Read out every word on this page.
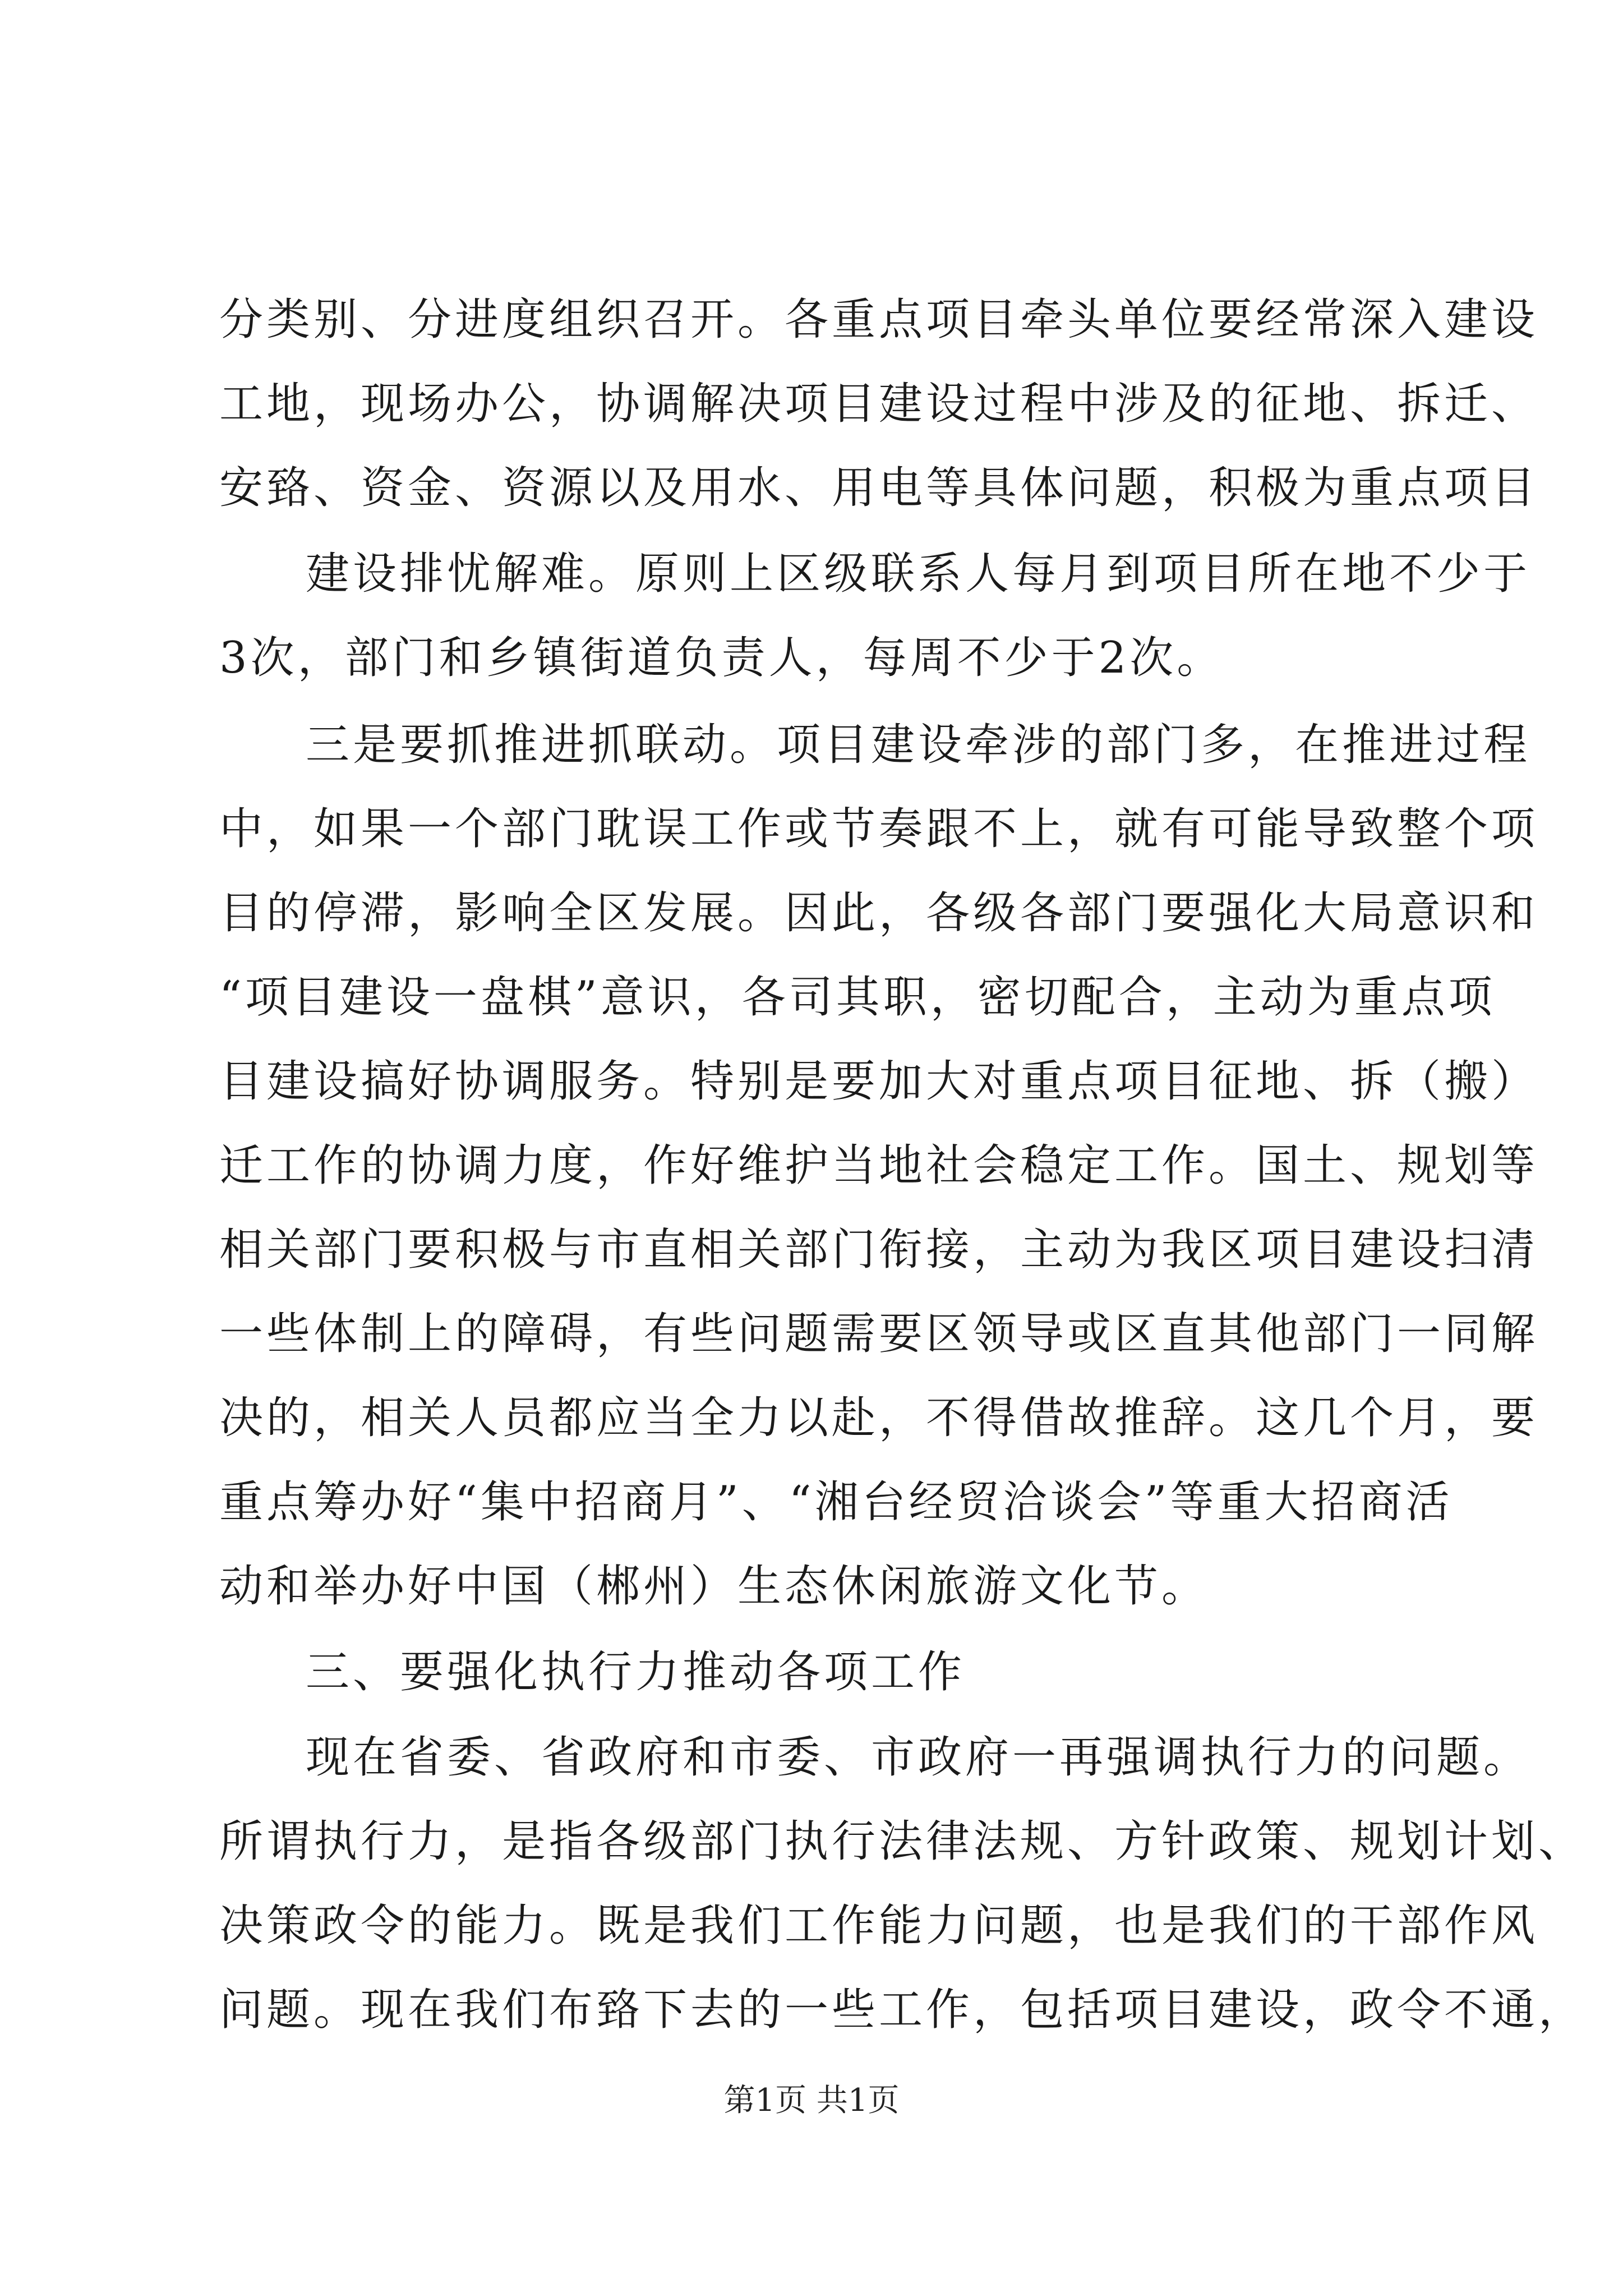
分类别、分进度组织召开。各重点项目牵头单位要经常深入建设
工地，现场办公，协调解决项目建设过程中涉及的征地、拆迁、
安臵、资金、资源以及用水、用电等具体问题，积极为重点项目
建设排忧解难。原则上区级联系人每月到项目所在地不少于
3次，部门和乡镇街道负责人，每周不少于2次。
三是要抓推进抓联动。项目建设牵涉的部门多，在推进过程
中，如果一个部门耽误工作或节奏跟不上，就有可能导致整个项
目的停滞，影响全区发展。因此，各级各部门要强化大局意识和
“项目建设一盘棋”意识，各司其职，密切配合，主动为重点项
目建设搞好协调服务。特别是要加大对重点项目征地、拆（搬）
迁工作的协调力度，作好维护当地社会稳定工作。国土、规划等
相关部门要积极与市直相关部门衔接，主动为我区项目建设扫清
一些体制上的障碍，有些问题需要区领导或区直其他部门一同解
决的，相关人员都应当全力以赴，不得借故推辞。这几个月，要
重点筹办好“集中招商月”、“湘台经贸洽谈会”等重大招商活
动和举办好中国（郴州）生态休闲旅游文化节。
三、要强化执行力推动各项工作
现在省委、省政府和市委、市政府一再强调执行力的问题。
所谓执行力，是指各级部门执行法律法规、方针政策、规划计划、
决策政令的能力。既是我们工作能力问题，也是我们的干部作风
问题。现在我们布臵下去的一些工作，包括项目建设，政令不通，
第1页 共1页
